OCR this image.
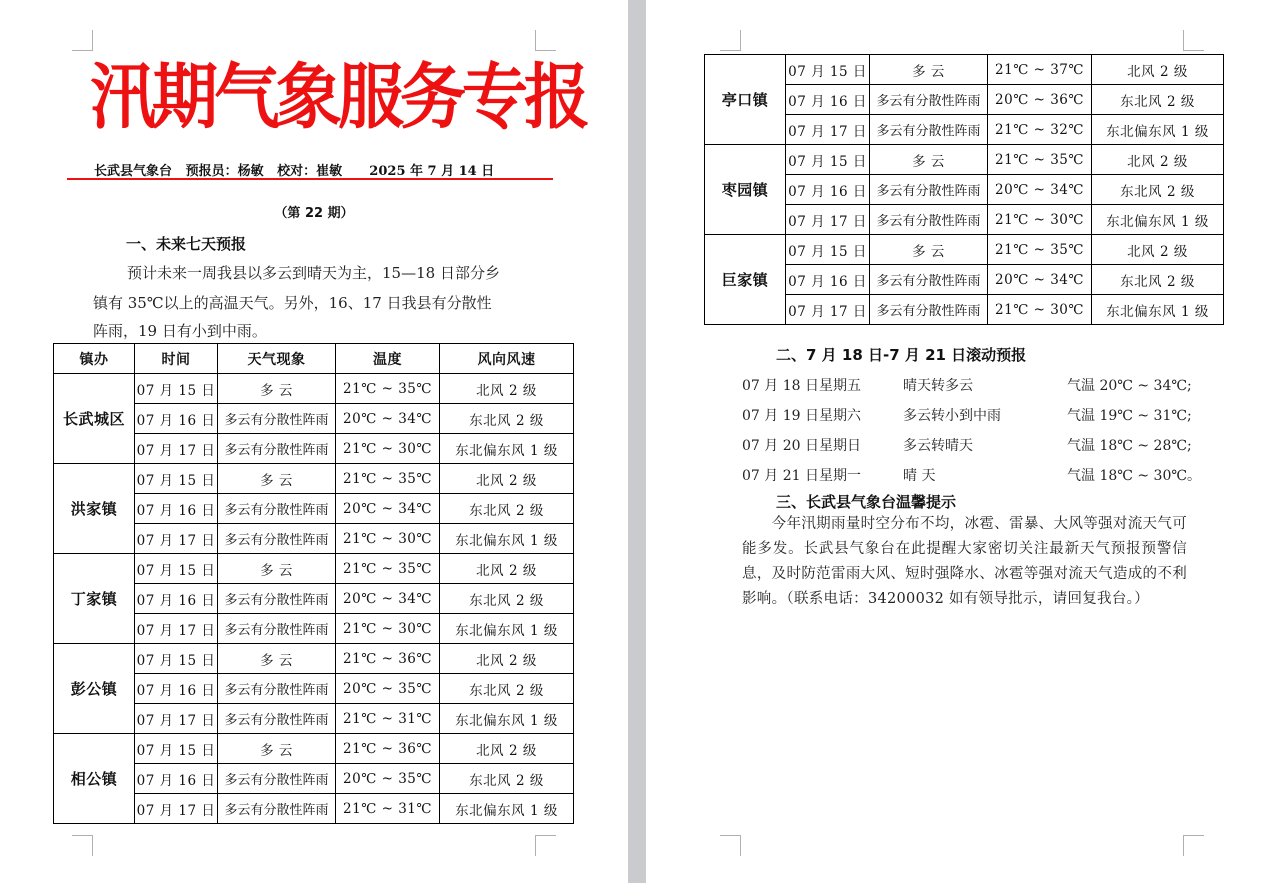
汛期气象服务专报
长武县气象台   预报员：杨敏   校对：崔敏      2025 年 7 月 14 日
（第 22 期）
一、未来七天预报
预计未来一周我县以多云到晴天为主，15—18 日部分乡
镇有 35℃以上的高温天气。另外，16、17 日我县有分散性
阵雨，19 日有小到中雨。
镇办	时间	天气现象	温度	风向风速
长武城区	07 月 15 日	多 云	21℃ ~ 35℃	北风 2 级
	07 月 16 日	多云有分散性阵雨	20℃ ~ 34℃	东北风 2 级
	07 月 17 日	多云有分散性阵雨	21℃ ~ 30℃	东北偏东风 1 级
洪家镇	07 月 15 日	多 云	21℃ ~ 35℃	北风 2 级
	07 月 16 日	多云有分散性阵雨	20℃ ~ 34℃	东北风 2 级
	07 月 17 日	多云有分散性阵雨	21℃ ~ 30℃	东北偏东风 1 级
丁家镇	07 月 15 日	多 云	21℃ ~ 35℃	北风 2 级
	07 月 16 日	多云有分散性阵雨	20℃ ~ 34℃	东北风 2 级
	07 月 17 日	多云有分散性阵雨	21℃ ~ 30℃	东北偏东风 1 级
彭公镇	07 月 15 日	多 云	21℃ ~ 36℃	北风 2 级
	07 月 16 日	多云有分散性阵雨	20℃ ~ 35℃	东北风 2 级
	07 月 17 日	多云有分散性阵雨	21℃ ~ 31℃	东北偏东风 1 级
相公镇	07 月 15 日	多 云	21℃ ~ 36℃	北风 2 级
	07 月 16 日	多云有分散性阵雨	20℃ ~ 35℃	东北风 2 级
	07 月 17 日	多云有分散性阵雨	21℃ ~ 31℃	东北偏东风 1 级
亭口镇	07 月 15 日	多 云	21℃ ~ 37℃	北风 2 级
	07 月 16 日	多云有分散性阵雨	20℃ ~ 36℃	东北风 2 级
	07 月 17 日	多云有分散性阵雨	21℃ ~ 32℃	东北偏东风 1 级
枣园镇	07 月 15 日	多 云	21℃ ~ 35℃	北风 2 级
	07 月 16 日	多云有分散性阵雨	20℃ ~ 34℃	东北风 2 级
	07 月 17 日	多云有分散性阵雨	21℃ ~ 30℃	东北偏东风 1 级
巨家镇	07 月 15 日	多 云	21℃ ~ 35℃	北风 2 级
	07 月 16 日	多云有分散性阵雨	20℃ ~ 34℃	东北风 2 级
	07 月 17 日	多云有分散性阵雨	21℃ ~ 30℃	东北偏东风 1 级
二、7 月 18 日-7 月 21 日滚动预报
07 月 18 日星期五	晴天转多云	气温 20℃ ~ 34℃;
07 月 19 日星期六	多云转小到中雨	气温 19℃ ~ 31℃;
07 月 20 日星期日	多云转晴天	气温 18℃ ~ 28℃;
07 月 21 日星期一	晴 天	气温 18℃ ~ 30℃。
三、长武县气象台温馨提示
　　今年汛期雨量时空分布不均，冰雹、雷暴、大风等强对流天气可能多发。长武县气象台在此提醒大家密切关注最新天气预报预警信息，及时防范雷雨大风、短时强降水、冰雹等强对流天气造成的不利影响。（联系电话：34200032 如有领导批示，请回复我台。）
